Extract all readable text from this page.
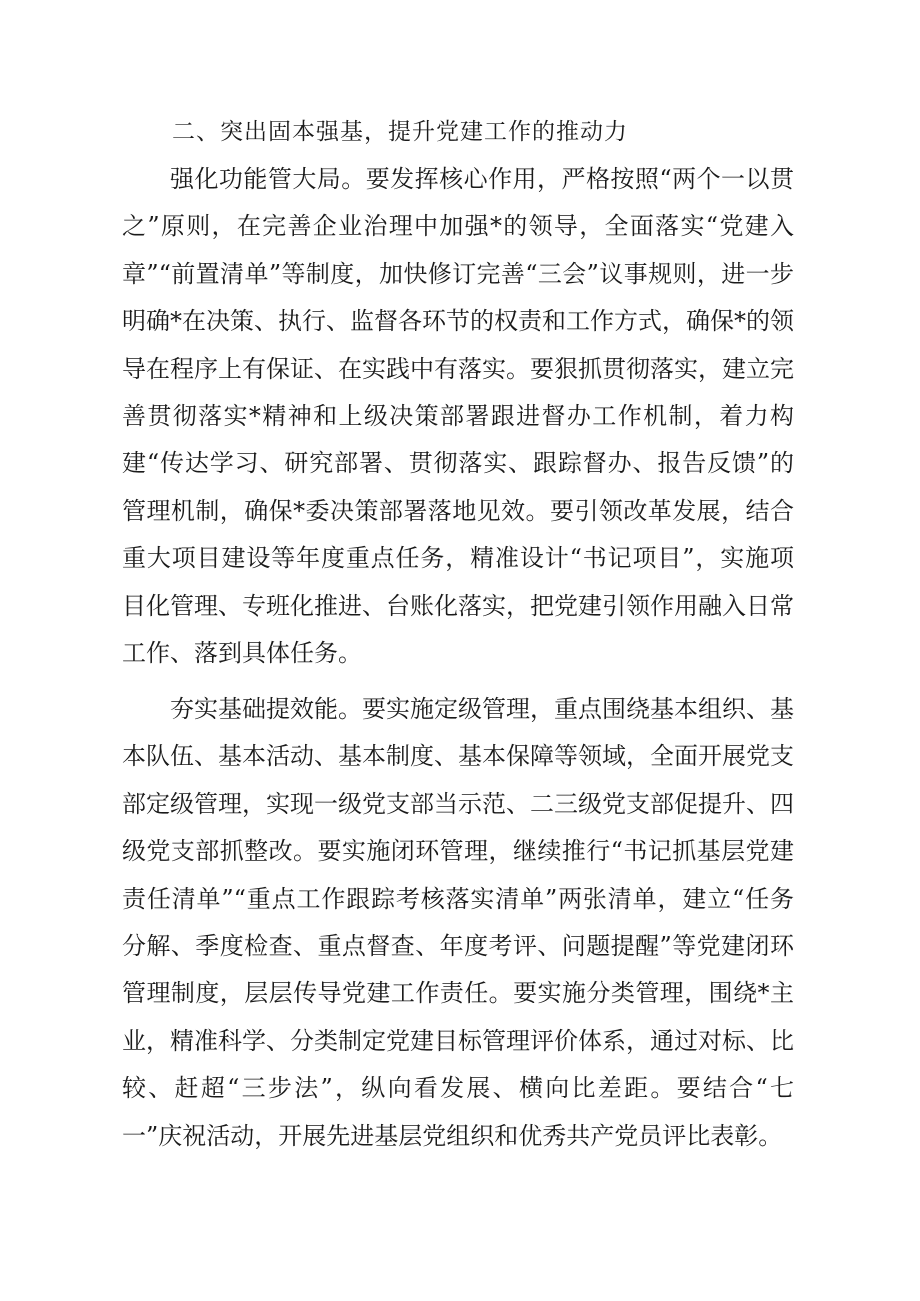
二、突出固本强基，提升党建工作的推动力

强化功能管大局。要发挥核心作用，严格按照“两个一以贯之”原则，在完善企业治理中加强*的领导，全面落实“党建入章”“前置清单”等制度，加快修订完善“三会”议事规则，进一步明确*在决策、执行、监督各环节的权责和工作方式，确保*的领导在程序上有保证、在实践中有落实。要狠抓贯彻落实，建立完善贯彻落实*精神和上级决策部署跟进督办工作机制，着力构建“传达学习、研究部署、贯彻落实、跟踪督办、报告反馈”的管理机制，确保*委决策部署落地见效。要引领改革发展，结合重大项目建设等年度重点任务，精准设计“书记项目”，实施项目化管理、专班化推进、台账化落实，把党建引领作用融入日常工作、落到具体任务。

夯实基础提效能。要实施定级管理，重点围绕基本组织、基本队伍、基本活动、基本制度、基本保障等领域，全面开展党支部定级管理，实现一级党支部当示范、二三级党支部促提升、四级党支部抓整改。要实施闭环管理，继续推行“书记抓基层党建责任清单”“重点工作跟踪考核落实清单”两张清单，建立“任务分解、季度检查、重点督查、年度考评、问题提醒”等党建闭环管理制度，层层传导党建工作责任。要实施分类管理，围绕*主业，精准科学、分类制定党建目标管理评价体系，通过对标、比较、赶超“三步法”，纵向看发展、横向比差距。要结合“七一”庆祝活动，开展先进基层党组织和优秀共产党员评比表彰。
